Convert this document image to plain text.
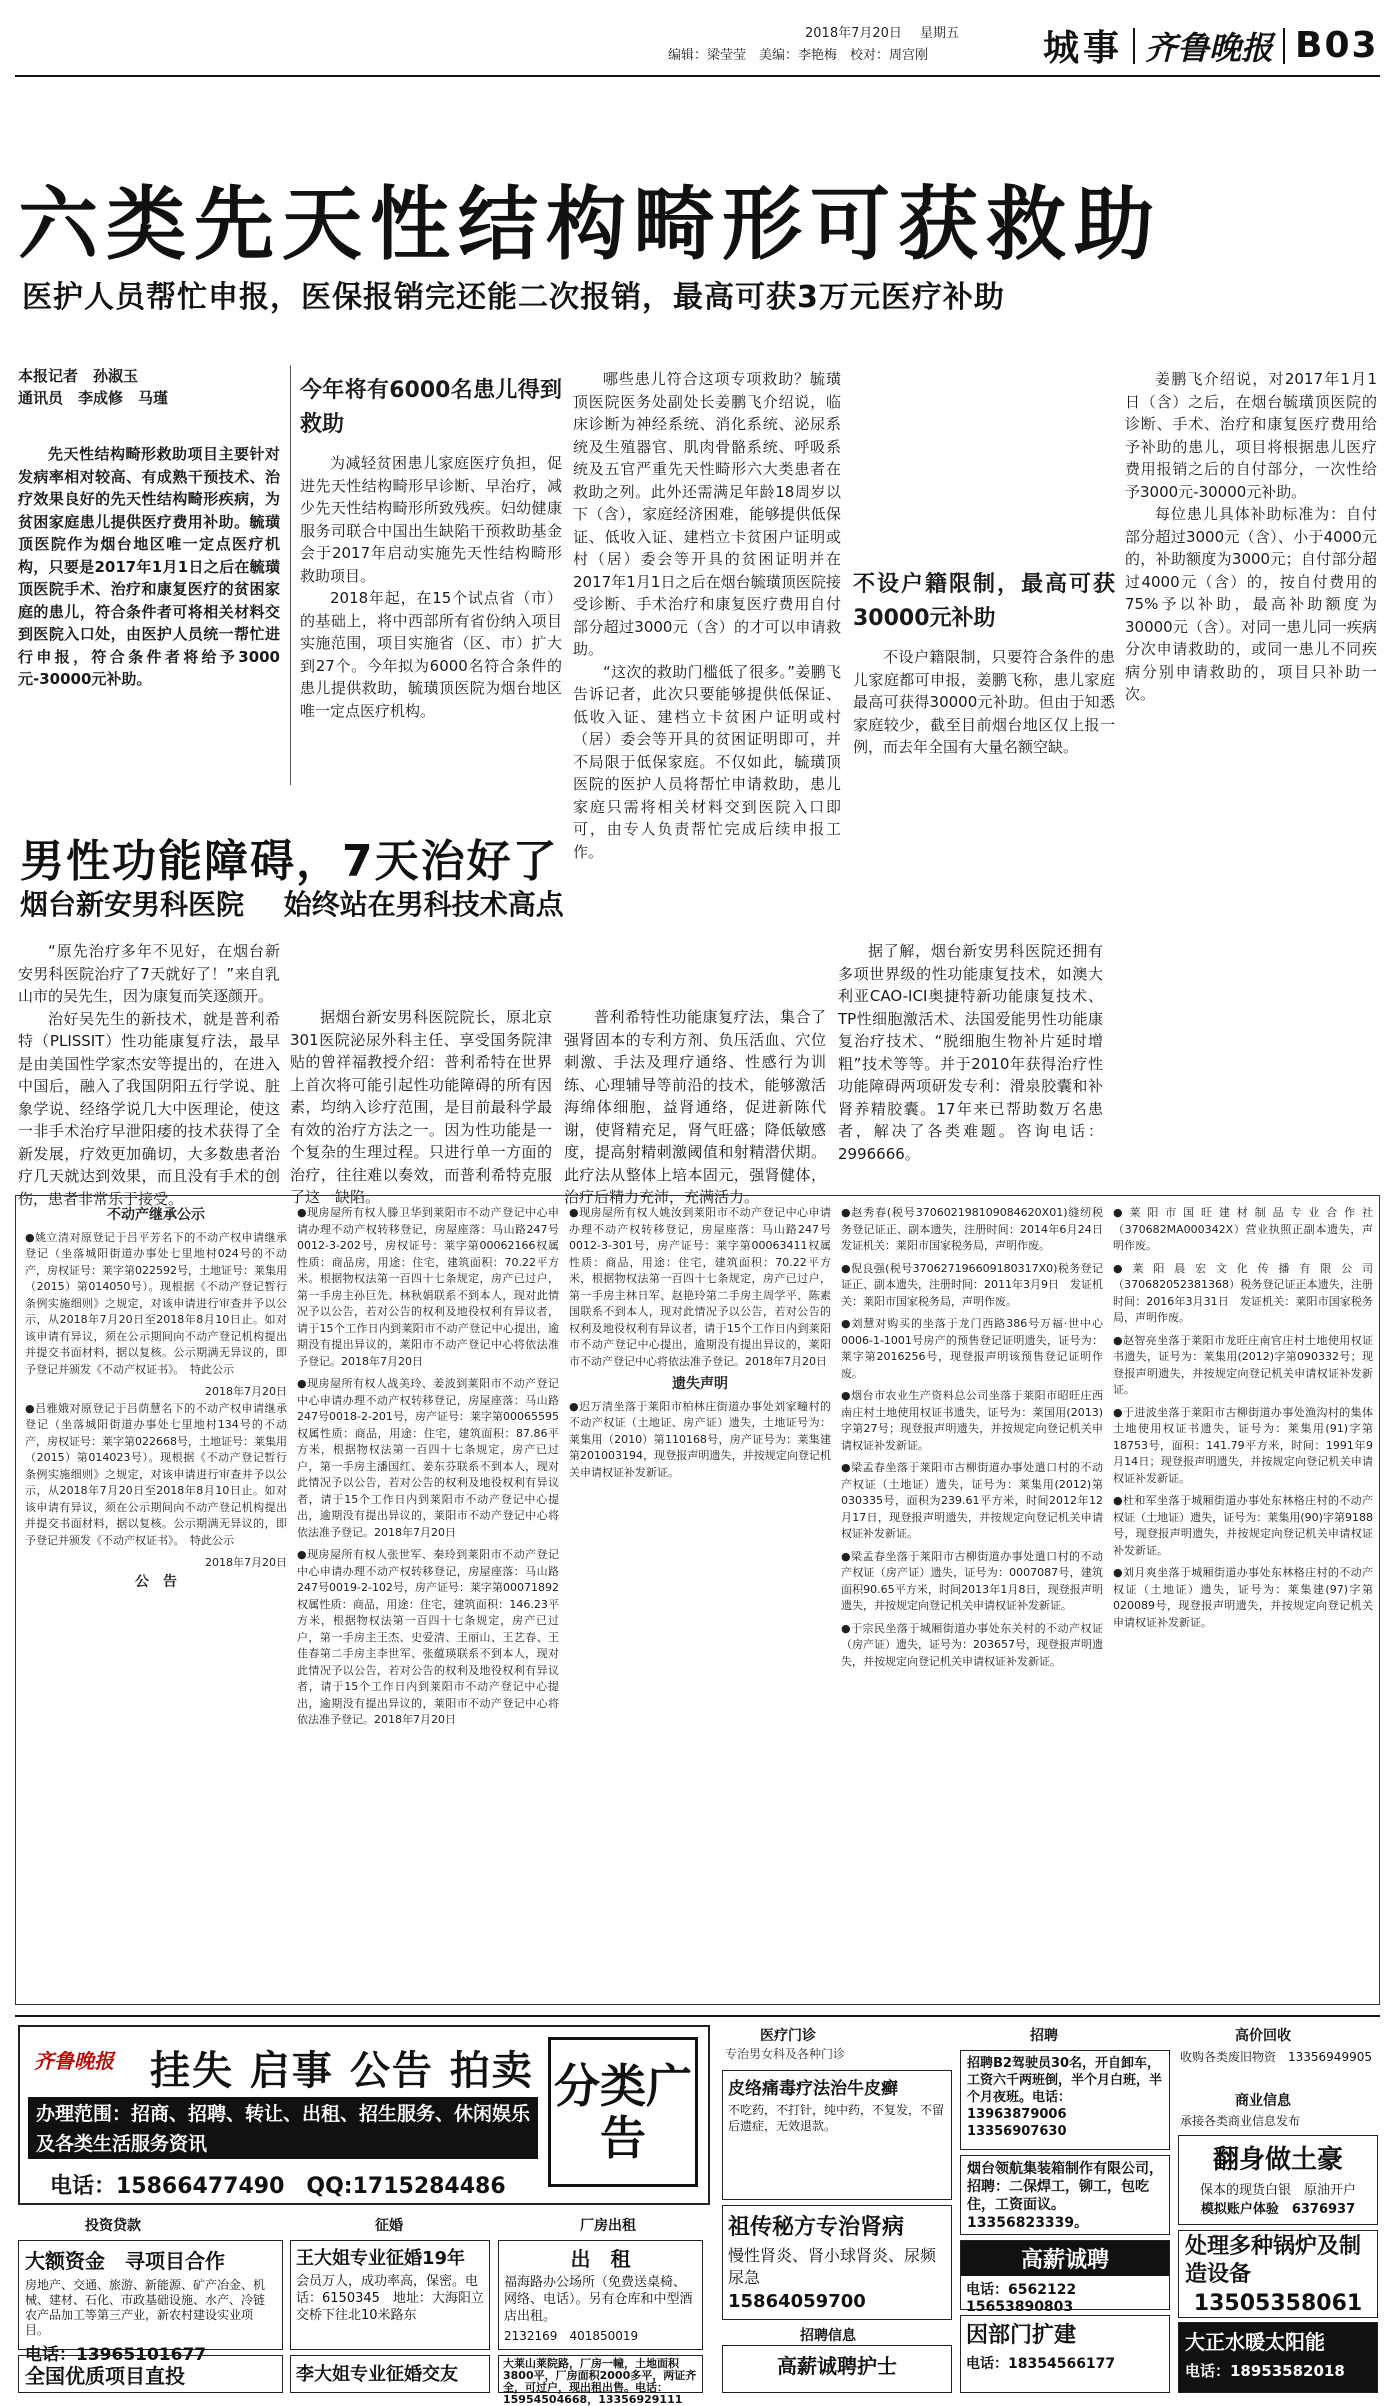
2018年7月20日 星期五
编辑：梁莹莹　美编：李艳梅　校对：周宫刚	城事 齐鲁晚报 B03
六类先天性结构畸形可获救助
医护人员帮忙申报，医保报销完还能二次报销，最高可获3万元医疗补助
本报记者　孙淑玉
通讯员　李成修　马瑾

先天性结构畸形救助项目主要针对发病率相对较高、有成熟干预技术、治疗效果良好的先天性结构畸形疾病，为贫困家庭患儿提供医疗费用补助。毓璜顶医院作为烟台地区唯一定点医疗机构，只要是2017年1月1日之后在毓璜顶医院手术、治疗和康复医疗的贫困家庭的患儿，符合条件者可将相关材料交到医院入口处，由医护人员统一帮忙进行申报，符合条件者将给予3000元-30000元补助。

今年将有6000名患儿得到救助

为减轻贫困患儿家庭医疗负担，促进先天性结构畸形早诊断、早治疗，减少先天性结构畸形所致残疾。妇幼健康服务司联合中国出生缺陷干预救助基金会于2017年启动实施先天性结构畸形救助项目。

2018年起，在15个试点省（市）的基础上，将中西部所有省份纳入项目实施范围，项目实施省（区、市）扩大到27个。今年拟为6000名符合条件的患儿提供救助，毓璜顶医院为烟台地区唯一定点医疗机构。

哪些患儿符合这项专项救助？毓璜顶医院医务处副处长姜鹏飞介绍说，临床诊断为神经系统、消化系统、泌尿系统及生殖器官、肌肉骨骼系统、呼吸系统及五官严重先天性畸形六大类患者在救助之列。此外还需满足年龄18周岁以下（含），家庭经济困难，能够提供低保证、低收入证、建档立卡贫困户证明或村（居）委会等开具的贫困证明并在2017年1月1日之后在烟台毓璜顶医院接受诊断、手术治疗和康复医疗费用自付部分超过3000元（含）的才可以申请救助。

“这次的救助门槛低了很多。”姜鹏飞告诉记者，此次只要能够提供低保证、低收入证、建档立卡贫困户证明或村（居）委会等开具的贫困证明即可，并不局限于低保家庭。不仅如此，毓璜顶医院的医护人员将帮忙申请救助，患儿家庭只需将相关材料交到医院入口即可，由专人负责帮忙完成后续申报工作。

不设户籍限制，最高可获30000元补助

不设户籍限制，只要符合条件的患儿家庭都可申报，姜鹏飞称，患儿家庭最高可获得30000元补助。但由于知悉家庭较少，截至目前烟台地区仅上报一例，而去年全国有大量名额空缺。

姜鹏飞介绍说，对2017年1月1日（含）之后，在烟台毓璜顶医院的诊断、手术、治疗和康复医疗费用给予补助的患儿，项目将根据患儿医疗费用报销之后的自付部分，一次性给予3000元-30000元补助。

每位患儿具体补助标准为：自付部分超过3000元（含）、小于4000元的，补助额度为3000元；自付部分超过4000元（含）的，按自付费用的75%予以补助，最高补助额度为30000元（含）。对同一患儿同一疾病分次申请救助的，或同一患儿不同疾病分别申请救助的，项目只补助一次。

男性功能障碍，7天治好了
烟台新安男科医院 始终站在男科技术高点

“原先治疗多年不见好，在烟台新安男科医院治疗了7天就好了！”来自乳山市的吴先生，因为康复而笑逐颜开。

治好吴先生的新技术，就是普利希特（PLISSIT）性功能康复疗法，最早是由美国性学家杰安等提出的，在进入中国后，融入了我国阴阳五行学说、脏象学说、经络学说几大中医理论，使这一非手术治疗早泄阳痿的技术获得了全新发展，疗效更加确切，大多数患者治疗几天就达到效果，而且没有手术的创伤，患者非常乐于接受。

据烟台新安男科医院院长，原北京301医院泌尿外科主任、享受国务院津贴的曾祥福教授介绍：普利希特在世界上首次将可能引起性功能障碍的所有因素，均纳入诊疗范围，是目前最科学最有效的治疗方法之一。因为性功能是一个复杂的生理过程。只进行单一方面的治疗，往往难以奏效，而普利希特克服了这一缺陷。

普利希特性功能康复疗法，集合了强肾固本的专利方剂、负压活血、穴位刺激、手法及理疗通络、性感行为训练、心理辅导等前沿的技术，能够激活海绵体细胞，益肾通络，促进新陈代谢，使肾精充足，肾气旺盛；降低敏感度，提高射精刺激阈值和射精潜伏期。此疗法从整体上培本固元，强肾健体，治疗后精力充沛，充满活力。

据了解，烟台新安男科医院还拥有多项世界级的性功能康复技术，如澳大利亚CAO-ICI奥捷特新功能康复技术、TP性细胞激活术、法国爱能男性功能康复治疗技术、“脱细胞生物补片延时增粗”技术等等。并于2010年获得治疗性功能障碍两项研发专利：滑泉胶囊和补肾养精胶囊。17年来已帮助数万名患者，解决了各类难题。咨询电话：2996666。

不动产继承公示
●姚立清对原登记于吕平芳名下的不动产权申请继承登记（坐落城阳街道办事处七里地村024号的不动产，房权证号：莱字第022592号，土地证号：莱集用（2015）第014050号）。现根据《不动产登记暂行条例实施细则》之规定，对该申请进行审查并予以公示，从2018年7月20日至2018年8月10日止。如对该申请有异议，须在公示期间向不动产登记机构提出并提交书面材料，据以复核。公示期满无异议的，即予登记并颁发《不动产权证书》。　特此公示
2018年7月20日
●吕雅娥对原登记于吕荫慧名下的不动产权申请继承登记（坐落城阳街道办事处七里地村134号的不动产，房权证号：莱字第022668号，土地证号：莱集用（2015）第014023号）。现根据《不动产登记暂行条例实施细则》之规定，对该申请进行审查并予以公示，从2018年7月20日至2018年8月10日止。如对该申请有异议，须在公示期间向不动产登记机构提出并提交书面材料，据以复核。公示期满无异议的，即予登记并颁发《不动产权证书》。　特此公示
2018年7月20日
公　告
●现房屋所有权人滕卫华到莱阳市不动产登记中心申请办理不动产权转移登记，房屋座落：马山路247号0012-3-202号，房权证号：莱字第00062166权属性质：商品房，用途：住宅，建筑面积：70.22平方米。根据物权法第一百四十七条规定，房产已过户，第一手房主孙巨先、林秋娟联系不到本人，现对此情况予以公告，若对公告的权利及地役权利有异议者，请于15个工作日内到莱阳市不动产登记中心提出，逾期没有提出异议的，莱阳市不动产登记中心将依法准予登记。2018年7月20日
●现房屋所有权人战美玲、姜波到莱阳市不动产登记中心申请办理不动产权转移登记，房屋座落：马山路247号0018-2-201号，房产证号：莱字第00065595权属性质：商品，用途：住宅，建筑面积：87.86平方米，根据物权法第一百四十七条规定，房产已过户，第一手房主潘国红、姜东芬联系不到本人，现对此情况予以公告，若对公告的权利及地役权利有异议者，请于15个工作日内到莱阳市不动产登记中心提出，逾期没有提出异议的，莱阳市不动产登记中心将依法准予登记。2018年7月20日
●现房屋所有权人张世军、秦玲到莱阳市不动产登记中心申请办理不动产权转移登记，房屋座落：马山路247号0019-2-102号，房产证号：莱字第00071892权属性质：商品，用途：住宅，建筑面积：146.23平方米，根据物权法第一百四十七条规定，房产已过户，第一手房主王杰、史爱清、王丽山、王艺春、王佳春第二手房主李世军、张蕴瑛联系不到本人，现对此情况予以公告，若对公告的权利及地役权利有异议者，请于15个工作日内到莱阳市不动产登记中心提出，逾期没有提出异议的，莱阳市不动产登记中心将依法准予登记。2018年7月20日
●现房屋所有权人姚汝到莱阳市不动产登记中心申请办理不动产权转移登记，房屋座落：马山路247号0012-3-301号，房产证号：莱字第00063411权属性质：商品，用途：住宅，建筑面积：70.22平方米，根据物权法第一百四十七条规定，房产已过户，第一手房主林日军、赵艳玲第二手房主周学平、陈素国联系不到本人，现对此情况予以公告，若对公告的权利及地役权利有异议者，请于15个工作日内到莱阳市不动产登记中心提出，逾期没有提出异议的，莱阳市不动产登记中心将依法准予登记。2018年7月20日
遗失声明
●迟万清坐落于莱阳市柏林庄街道办事处刘家疃村的不动产权证（土地证、房产证）遗失，土地证号为：莱集用（2010）第110168号，房产证号为：莱集建第201003194，现登报声明遗失，并按规定向登记机关申请权证补发新证。
●赵秀春(税号370602198109084620X01)缝纫税务登记证正、副本遗失，注册时间：2014年6月24日　发证机关：莱阳市国家税务局，声明作废。
●倪良强(税号370627196609180317X0)税务登记证正、副本遗失，注册时间：2011年3月9日　发证机关：莱阳市国家税务局，声明作废。
●刘慧对购买的坐落于龙门西路386号万福·世中心0006-1-1001号房产的预售登记证明遗失，证号为：莱字第2016256号，现登报声明该预售登记证明作废。
●烟台市农业生产资料总公司坐落于莱阳市昭旺庄西南庄村土地使用权证书遗失，证号为：莱国用(2013)字第27号；现登报声明遗失，并按规定向登记机关申请权证补发新证。
●梁孟春坐落于莱阳市古柳街道办事处遣口村的不动产权证（土地证）遗失，证号为：莱集用(2012)第030335号，面积为239.61平方米，时间2012年12月17日，现登报声明遗失，并按规定向登记机关申请权证补发新证。
●梁孟春坐落于莱阳市古柳街道办事处遣口村的不动产权证（房产证）遗失，证号为：0007087号，建筑面积90.65平方米，时间2013年1月8日，现登报声明遗失，并按规定向登记机关申请权证补发新证。
●于宗民坐落于城厢街道办事处东关村的不动产权证（房产证）遗失，证号为：203657号，现登报声明遗失，并按规定向登记机关申请权证补发新证。
●莱阳市国旺建材制品专业合作社（370682MA000342X）营业执照正副本遗失，声明作废。
●莱阳晨宏文化传播有限公司（370682052381368）税务登记证正本遗失，注册时间：2016年3月31日　发证机关：莱阳市国家税务局，声明作废。
●赵智亮坐落于莱阳市龙旺庄南官庄村土地使用权证书遗失，证号为：莱集用(2012)字第090332号；现登报声明遗失，并按规定向登记机关申请权证补发新证。
●于进波坐落于莱阳市古柳街道办事处渔沟村的集体土地使用权证书遗失，证号为：莱集用(91)字第18753号，面积：141.79平方米，时间：1991年9月14日；现登报声明遗失，并按规定向登记机关申请权证补发新证。
●杜和军坐落于城厢街道办事处东林格庄村的不动产权证（土地证）遗失，证号为：莱集用(90)字第9188号，现登报声明遗失，并按规定向登记机关申请权证补发新证。
●刘月爽坐落于城厢街道办事处东林格庄村的不动产权证（土地证）遗失，证号为：莱集建(97)字第020089号，现登报声明遗失，并按规定向登记机关申请权证补发新证。
齐鲁晚报 挂失 启事 公告 拍卖
办理范围：招商、招聘、转让、出租、招生服务、休闲娱乐及各类生活服务资讯
电话：15866477490　QQ:1715284486
分类广告
投资贷款	征婚	厂房出租
大额资金　寻项目合作
房地产、交通、旅游、新能源、矿产冶金、机械、建材、石化、市政基础设施、水产、冷链农产品加工等第三产业，新农村建设实业项目。
电话：13965101677
全国优质项目直投
王大姐专业征婚19年
会员万人，成功率高，保密。电话：6150345　地址：大海阳立交桥下往北10米路东
李大姐专业征婚交友
出　租
福海路办公场所（免费送桌椅、网络、电话）。另有仓库和中型酒店出租。
2132169　401850019
大莱山莱院路，厂房一幢，土地面积3800平，厂房面积2000多平，两证齐全，可过户，现出租出售。电话：15954504668，13356929111
医疗门诊
专治男女科及各种门诊
皮络痛毒疗法治牛皮癣
不吃药，不打针，纯中药，不复发，不留后遗症，无效退款。
祖传秘方专治肾病
慢性肾炎、肾小球肾炎、尿频尿急
15864059700
招聘信息
高薪诚聘护士
招聘
招聘B2驾驶员30名，开自卸车，工资六千两班倒，半个月白班，半个月夜班。电话：13963879006　13356907630
烟台领航集装箱制作有限公司，招聘：二保焊工，铆工，包吃住，工资面议。13356823339。
高薪诚聘
电话：6562122　15653890803
因部门扩建
电话：18354566177
高价回收
收购各类废旧物资　13356949905
商业信息
承接各类商业信息发布
翻身做土豪
保本的现货白银　原油开户
模拟账户体验　6376937
处理多种锅炉及制造设备
13505358061
大正水暖太阳能
电话：18953582018
